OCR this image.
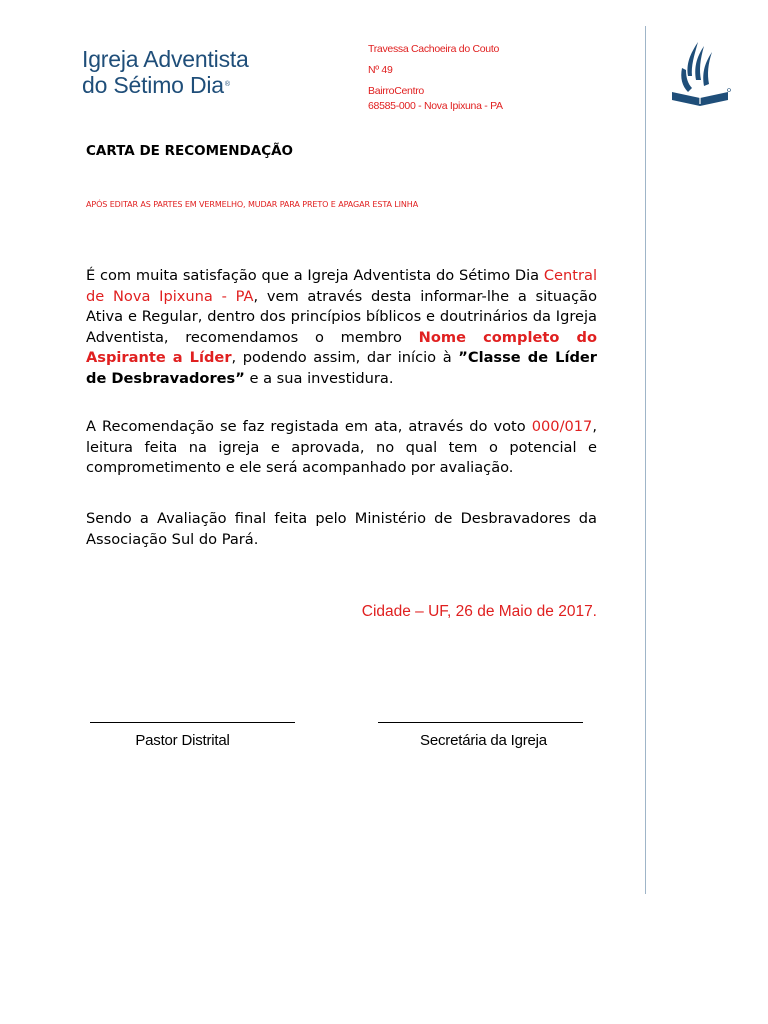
Igreja Adventista
do Sétimo Dia®
Travessa Cachoeira do Couto
Nº 49
BairroCentro
68585-000 - Nova Ipixuna - PA
CARTA DE RECOMENDAÇÃO
APÓS EDITAR AS PARTES EM VERMELHO, MUDAR PARA PRETO E APAGAR ESTA LINHA
É com muita satisfação que a Igreja Adventista do Sétimo Dia Central de Nova Ipixuna - PA, vem através desta informar-lhe a situação Ativa e Regular, dentro dos princípios bíblicos e doutrinários da Igreja Adventista, recomendamos o membro Nome completo do Aspirante a Líder, podendo assim, dar início à ”Classe de Líder de Desbravadores” e a sua investidura.
A Recomendação se faz registada em ata, através do voto 000/017, leitura feita na igreja e aprovada, no qual tem o potencial e comprometimento e ele será acompanhado por avaliação.
Sendo a Avaliação final feita pelo Ministério de Desbravadores da Associação Sul do Pará.
Cidade – UF, 26 de Maio de 2017.
Pastor Distrital	Secretária da Igreja
